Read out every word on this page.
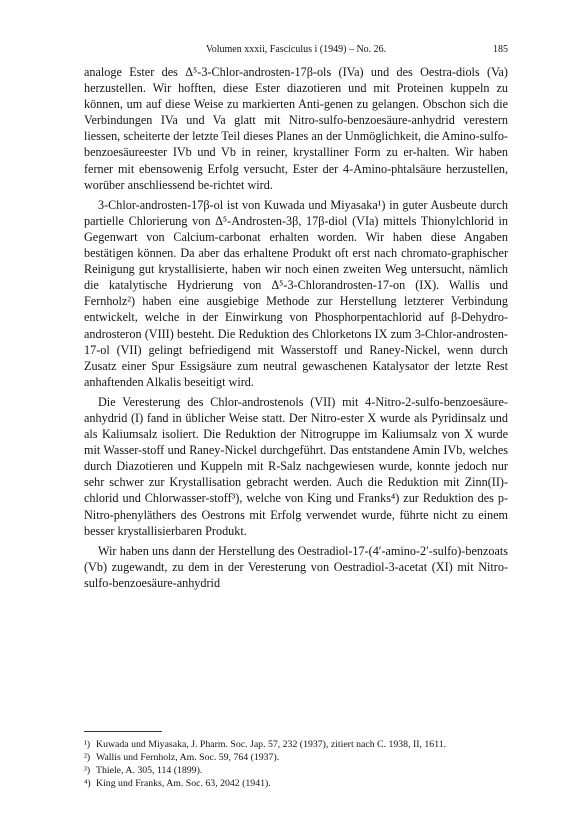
Volumen xxxii, Fasciculus i (1949) – No. 26.	185

analoge Ester des Δ⁵-3-Chlor-androsten-17β-ols (IVa) und des Oestra-diols (Va) herzustellen. Wir hofften, diese Ester diazotieren und mit Proteinen kuppeln zu können, um auf diese Weise zu markierten Anti-genen zu gelangen. Obschon sich die Verbindungen IVa und Va glatt mit Nitro-sulfo-benzoesäure-anhydrid verestern liessen, scheiterte der letzte Teil dieses Planes an der Unmöglichkeit, die Amino-sulfo-benzoesäureester IVb und Vb in reiner, krystalliner Form zu er-halten. Wir haben ferner mit ebensowenig Erfolg versucht, Ester der 4-Amino-phtalsäure herzustellen, worüber anschliessend be-richtet wird.

3-Chlor-androsten-17β-ol ist von Kuwada und Miyasaka¹) in guter Ausbeute durch partielle Chlorierung von Δ⁵-Androsten-3β, 17β-diol (VIa) mittels Thionylchlorid in Gegenwart von Calcium-carbonat erhalten worden. Wir haben diese Angaben bestätigen können. Da aber das erhaltene Produkt oft erst nach chromato-graphischer Reinigung gut krystallisierte, haben wir noch einen zweiten Weg untersucht, nämlich die katalytische Hydrierung von Δ⁵-3-Chlorandrosten-17-on (IX). Wallis und Fernholz²) haben eine ausgiebige Methode zur Herstellung letzterer Verbindung entwickelt, welche in der Einwirkung von Phosphorpentachlorid auf β-Dehydro-androsteron (VIII) besteht. Die Reduktion des Chlorketons IX zum 3-Chlor-androsten-17-ol (VII) gelingt befriedigend mit Wasserstoff und Raney-Nickel, wenn durch Zusatz einer Spur Essigsäure zum neutral gewaschenen Katalysator der letzte Rest anhaftenden Alkalis beseitigt wird.

Die Veresterung des Chlor-androstenols (VII) mit 4-Nitro-2-sulfo-benzoesäure-anhydrid (I) fand in üblicher Weise statt. Der Nitro-ester X wurde als Pyridinsalz und als Kaliumsalz isoliert. Die Reduktion der Nitrogruppe im Kaliumsalz von X wurde mit Wasser-stoff und Raney-Nickel durchgeführt. Das entstandene Amin IVb, welches durch Diazotieren und Kuppeln mit R-Salz nachgewiesen wurde, konnte jedoch nur sehr schwer zur Krystallisation gebracht werden. Auch die Reduktion mit Zinn(II)-chlorid und Chlorwasser-stoff³), welche von King und Franks⁴) zur Reduktion des p-Nitro-phenyläthers des Oestrons mit Erfolg verwendet wurde, führte nicht zu einem besser krystallisierbaren Produkt.

Wir haben uns dann der Herstellung des Oestradiol-17-(4′-amino-2′-sulfo)-benzoats (Vb) zugewandt, zu dem in der Veresterung von Oestradiol-3-acetat (XI) mit Nitro-sulfo-benzoesäure-anhydrid

¹) Kuwada und Miyasaka, J. Pharm. Soc. Jap. 57, 232 (1937), zitiert nach C. 1938, II, 1611.

²) Wallis und Fernholz, Am. Soc. 59, 764 (1937).

³) Thiele, A. 305, 114 (1899).

⁴) King und Franks, Am. Soc. 63, 2042 (1941).
